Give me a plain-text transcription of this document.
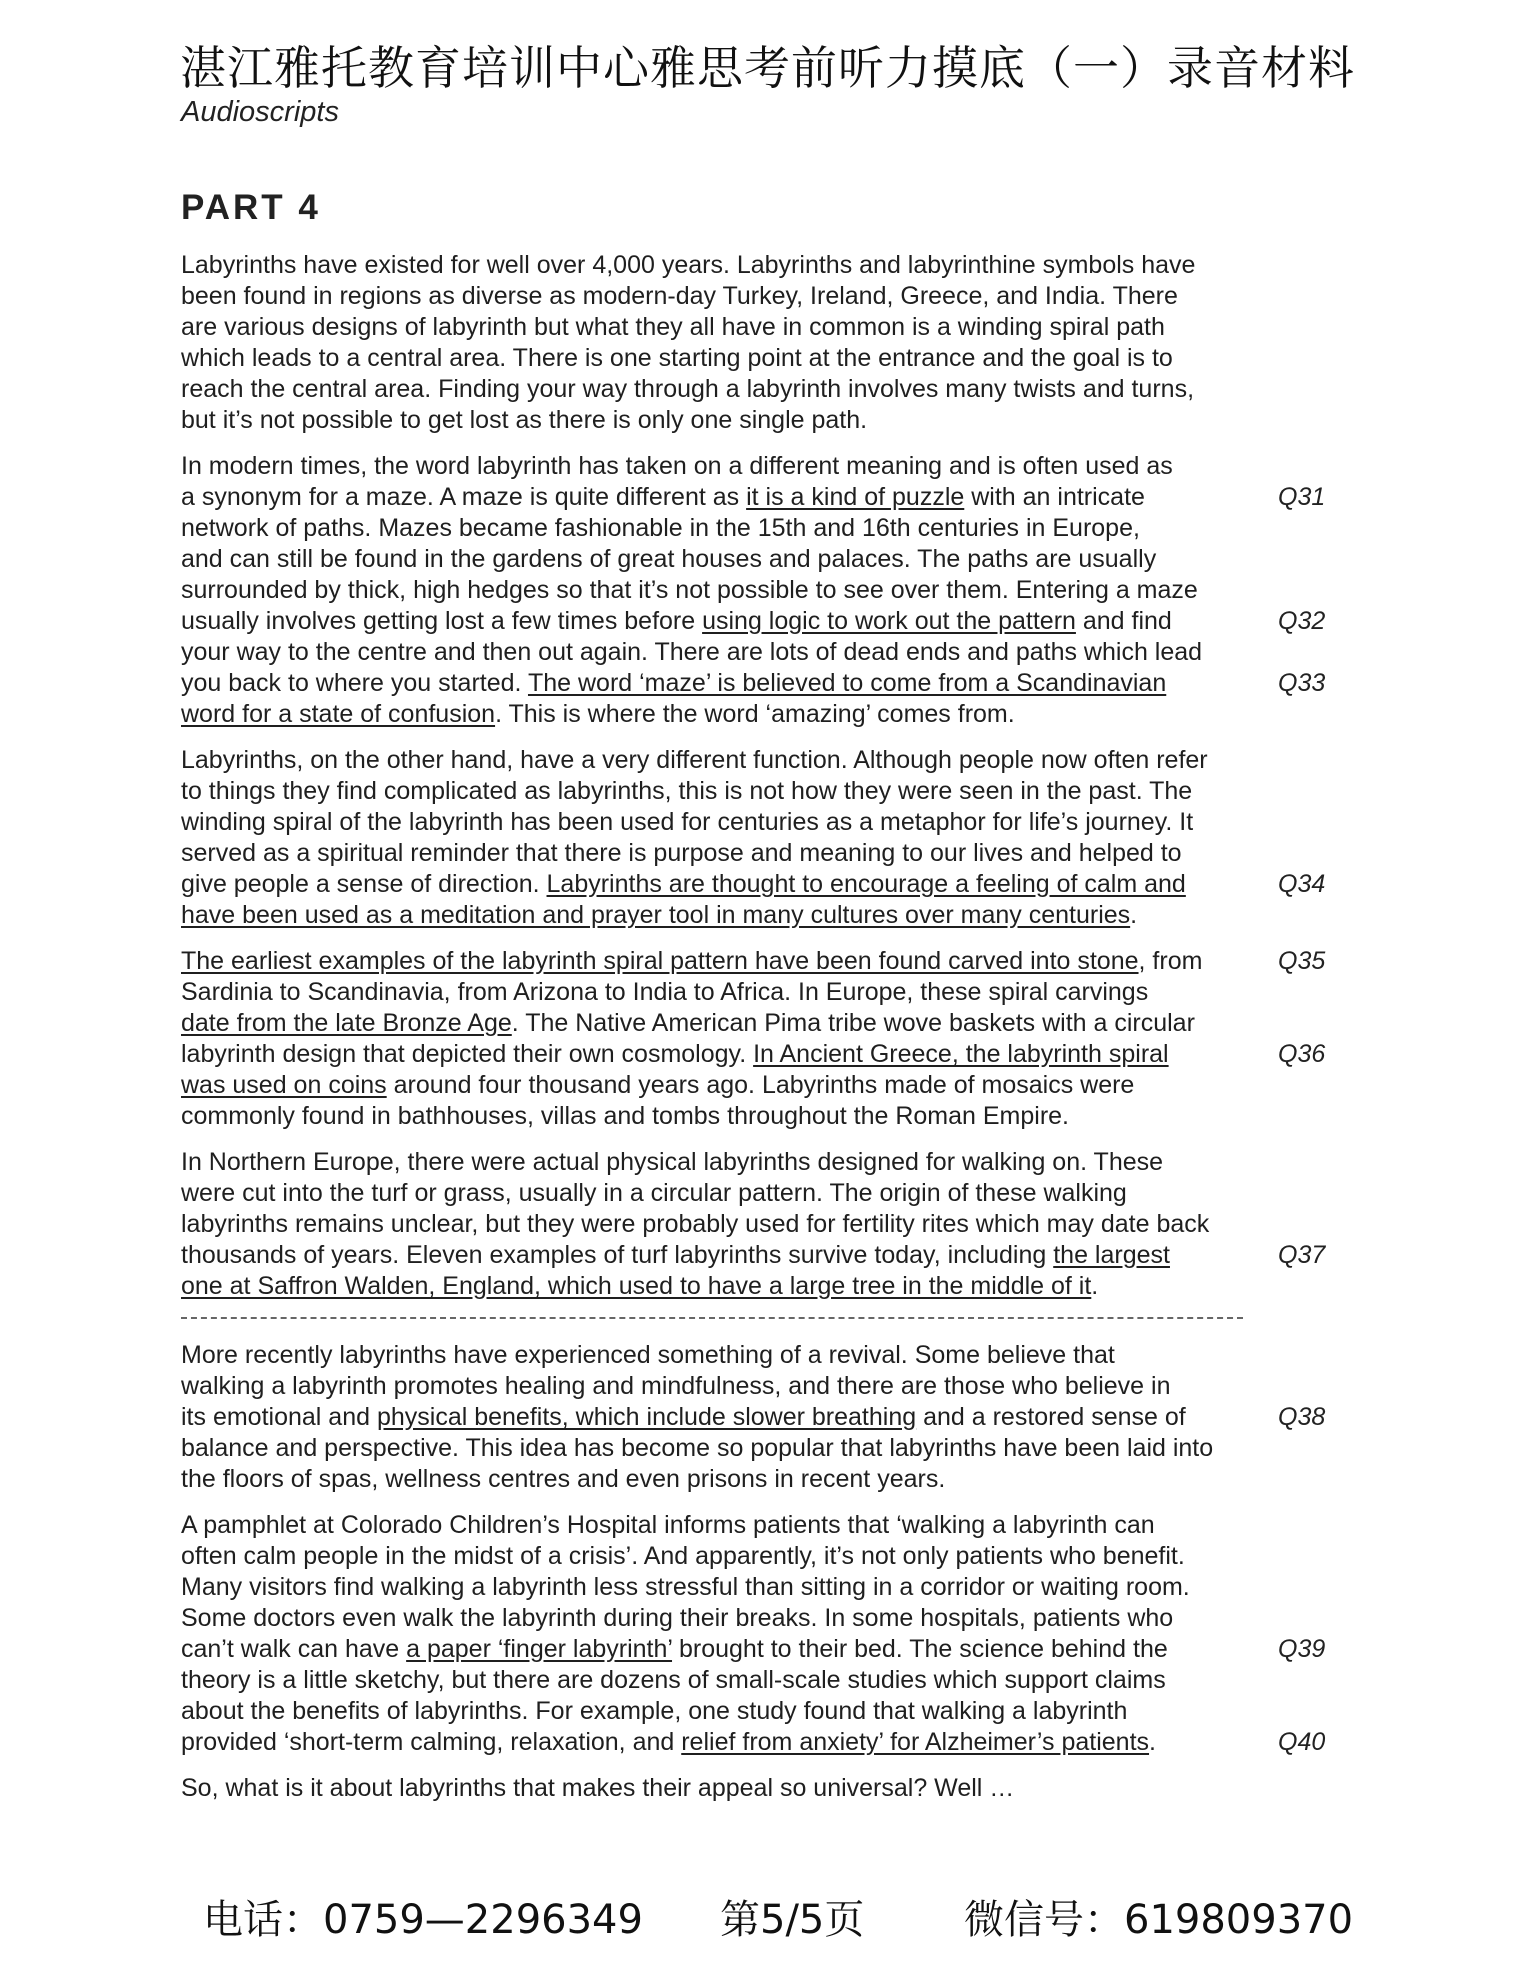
湛江雅托教育培训中心雅思考前听力摸底（一）录音材料
Audioscripts
PART 4
Labyrinths have existed for well over 4,000 years. Labyrinths and labyrinthine symbols have
been found in regions as diverse as modern-day Turkey, Ireland, Greece, and India. There
are various designs of labyrinth but what they all have in common is a winding spiral path
which leads to a central area. There is one starting point at the entrance and the goal is to
reach the central area. Finding your way through a labyrinth involves many twists and turns,
but it’s not possible to get lost as there is only one single path.
In modern times, the word labyrinth has taken on a different meaning and is often used as
a synonym for a maze. A maze is quite different as it is a kind of puzzle with an intricate	Q31
network of paths. Mazes became fashionable in the 15th and 16th centuries in Europe,
and can still be found in the gardens of great houses and palaces. The paths are usually
surrounded by thick, high hedges so that it’s not possible to see over them. Entering a maze
usually involves getting lost a few times before using logic to work out the pattern and find	Q32
your way to the centre and then out again. There are lots of dead ends and paths which lead
you back to where you started. The word ‘maze’ is believed to come from a Scandinavian	Q33
word for a state of confusion. This is where the word ‘amazing’ comes from.
Labyrinths, on the other hand, have a very different function. Although people now often refer
to things they find complicated as labyrinths, this is not how they were seen in the past. The
winding spiral of the labyrinth has been used for centuries as a metaphor for life’s journey. It
served as a spiritual reminder that there is purpose and meaning to our lives and helped to
give people a sense of direction. Labyrinths are thought to encourage a feeling of calm and	Q34
have been used as a meditation and prayer tool in many cultures over many centuries.
The earliest examples of the labyrinth spiral pattern have been found carved into stone, from	Q35
Sardinia to Scandinavia, from Arizona to India to Africa. In Europe, these spiral carvings
date from the late Bronze Age. The Native American Pima tribe wove baskets with a circular
labyrinth design that depicted their own cosmology. In Ancient Greece, the labyrinth spiral	Q36
was used on coins around four thousand years ago. Labyrinths made of mosaics were
commonly found in bathhouses, villas and tombs throughout the Roman Empire.
In Northern Europe, there were actual physical labyrinths designed for walking on. These
were cut into the turf or grass, usually in a circular pattern. The origin of these walking
labyrinths remains unclear, but they were probably used for fertility rites which may date back
thousands of years. Eleven examples of turf labyrinths survive today, including the largest	Q37
one at Saffron Walden, England, which used to have a large tree in the middle of it.
More recently labyrinths have experienced something of a revival. Some believe that
walking a labyrinth promotes healing and mindfulness, and there are those who believe in
its emotional and physical benefits, which include slower breathing and a restored sense of	Q38
balance and perspective. This idea has become so popular that labyrinths have been laid into
the floors of spas, wellness centres and even prisons in recent years.
A pamphlet at Colorado Children’s Hospital informs patients that ‘walking a labyrinth can
often calm people in the midst of a crisis’. And apparently, it’s not only patients who benefit.
Many visitors find walking a labyrinth less stressful than sitting in a corridor or waiting room.
Some doctors even walk the labyrinth during their breaks. In some hospitals, patients who
can’t walk can have a paper ‘finger labyrinth’ brought to their bed. The science behind the	Q39
theory is a little sketchy, but there are dozens of small-scale studies which support claims
about the benefits of labyrinths. For example, one study found that walking a labyrinth
provided ‘short-term calming, relaxation, and relief from anxiety’ for Alzheimer’s patients.	Q40
So, what is it about labyrinths that makes their appeal so universal? Well …
电话：0759—2296349 第5/5页 微信号：619809370
